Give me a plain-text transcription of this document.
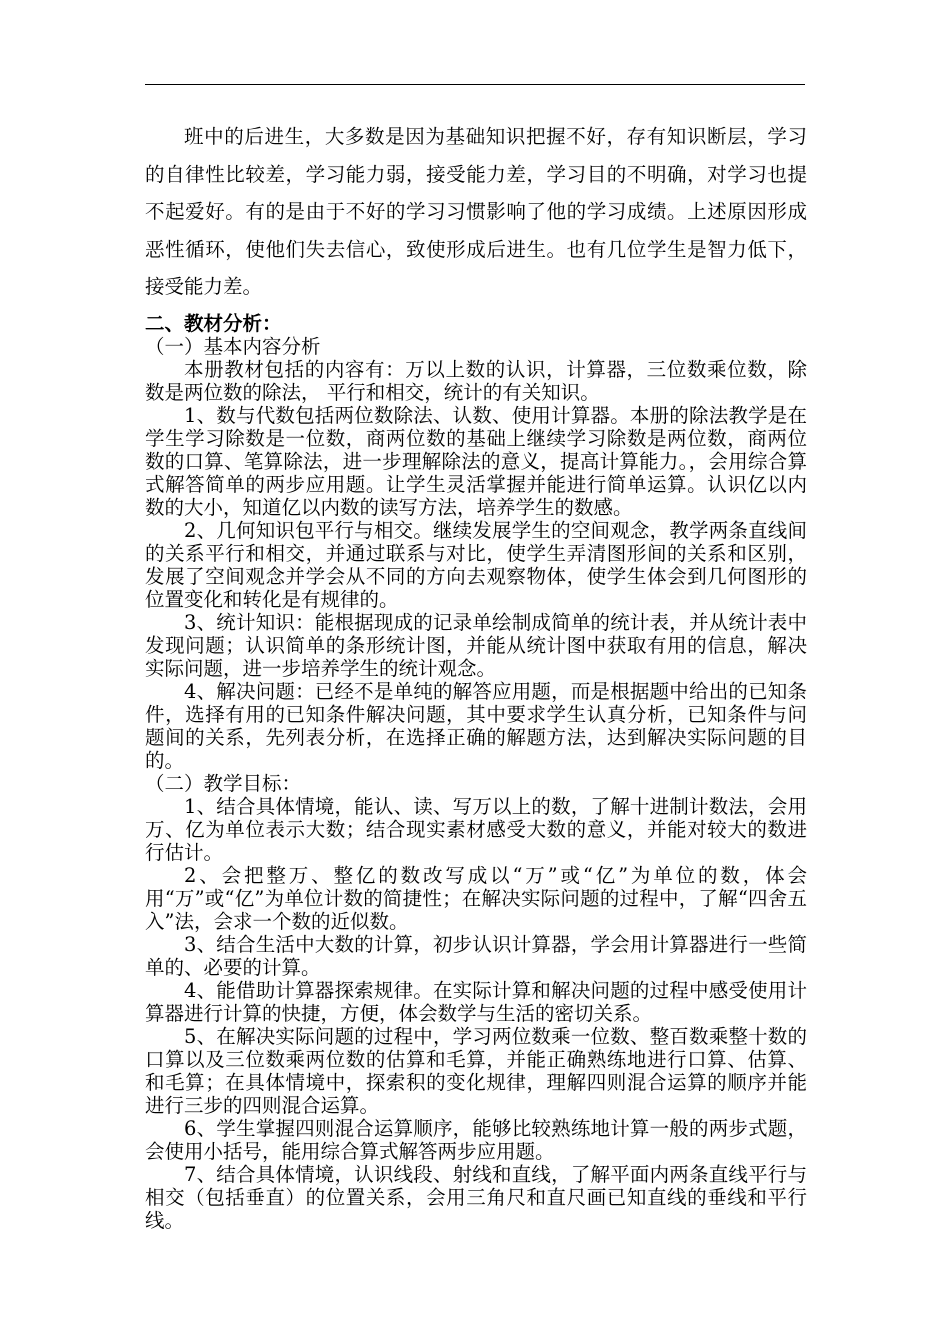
班中的后进生，大多数是因为基础知识把握不好，存有知识断层，学习的自律性比较差，学习能力弱，接受能力差，学习目的不明确，对学习也提不起爱好。有的是由于不好的学习习惯影响了他的学习成绩。上述原因形成恶性循环，使他们失去信心，致使形成后进生。也有几位学生是智力低下，接受能力差。

二、教材分析：
（一）基本内容分析

本册教材包括的内容有：万以上数的认识，计算器，三位数乘位数，除数是两位数的除法， 平行和相交，统计的有关知识。

1、数与代数包括两位数除法、认数、使用计算器。本册的除法教学是在学生学习除数是一位数，商两位数的基础上继续学习除数是两位数，商两位数的口算、笔算除法，进一步理解除法的意义，提高计算能力。，会用综合算式解答简单的两步应用题。让学生灵活掌握并能进行简单运算。认识亿以内数的大小，知道亿以内数的读写方法，培养学生的数感。

2、几何知识包平行与相交。继续发展学生的空间观念，教学两条直线间的关系平行和相交，并通过联系与对比，使学生弄清图形间的关系和区别，发展了空间观念并学会从不同的方向去观察物体，使学生体会到几何图形的位置变化和转化是有规律的。

3、统计知识：能根据现成的记录单绘制成简单的统计表，并从统计表中发现问题；认识简单的条形统计图，并能从统计图中获取有用的信息，解决实际问题，进一步培养学生的统计观念。

4、解决问题：已经不是单纯的解答应用题，而是根据题中给出的已知条件，选择有用的已知条件解决问题，其中要求学生认真分析，已知条件与问题间的关系，先列表分析，在选择正确的解题方法，达到解决实际问题的目的。

（二）教学目标：

1、结合具体情境，能认、读、写万以上的数，了解十进制计数法，会用万、亿为单位表示大数；结合现实素材感受大数的意义，并能对较大的数进行估计。

2、会把整万、整亿的数改写成以“万”或“亿”为单位的数，体会用“万”或“亿”为单位计数的简捷性；在解决实际问题的过程中，了解“四舍五入”法，会求一个数的近似数。

3、结合生活中大数的计算，初步认识计算器，学会用计算器进行一些简单的、必要的计算。

4、能借助计算器探索规律。在实际计算和解决问题的过程中感受使用计算器进行计算的快捷，方便，体会数学与生活的密切关系。

5、在解决实际问题的过程中，学习两位数乘一位数、整百数乘整十数的口算以及三位数乘两位数的估算和毛算，并能正确熟练地进行口算、估算、和毛算；在具体情境中，探索积的变化规律，理解四则混合运算的顺序并能进行三步的四则混合运算。

6、学生掌握四则混合运算顺序，能够比较熟练地计算一般的两步式题，会使用小括号，能用综合算式解答两步应用题。

7、结合具体情境，认识线段、射线和直线，了解平面内两条直线平行与相交（包括垂直）的位置关系，会用三角尺和直尺画已知直线的垂线和平行线。
